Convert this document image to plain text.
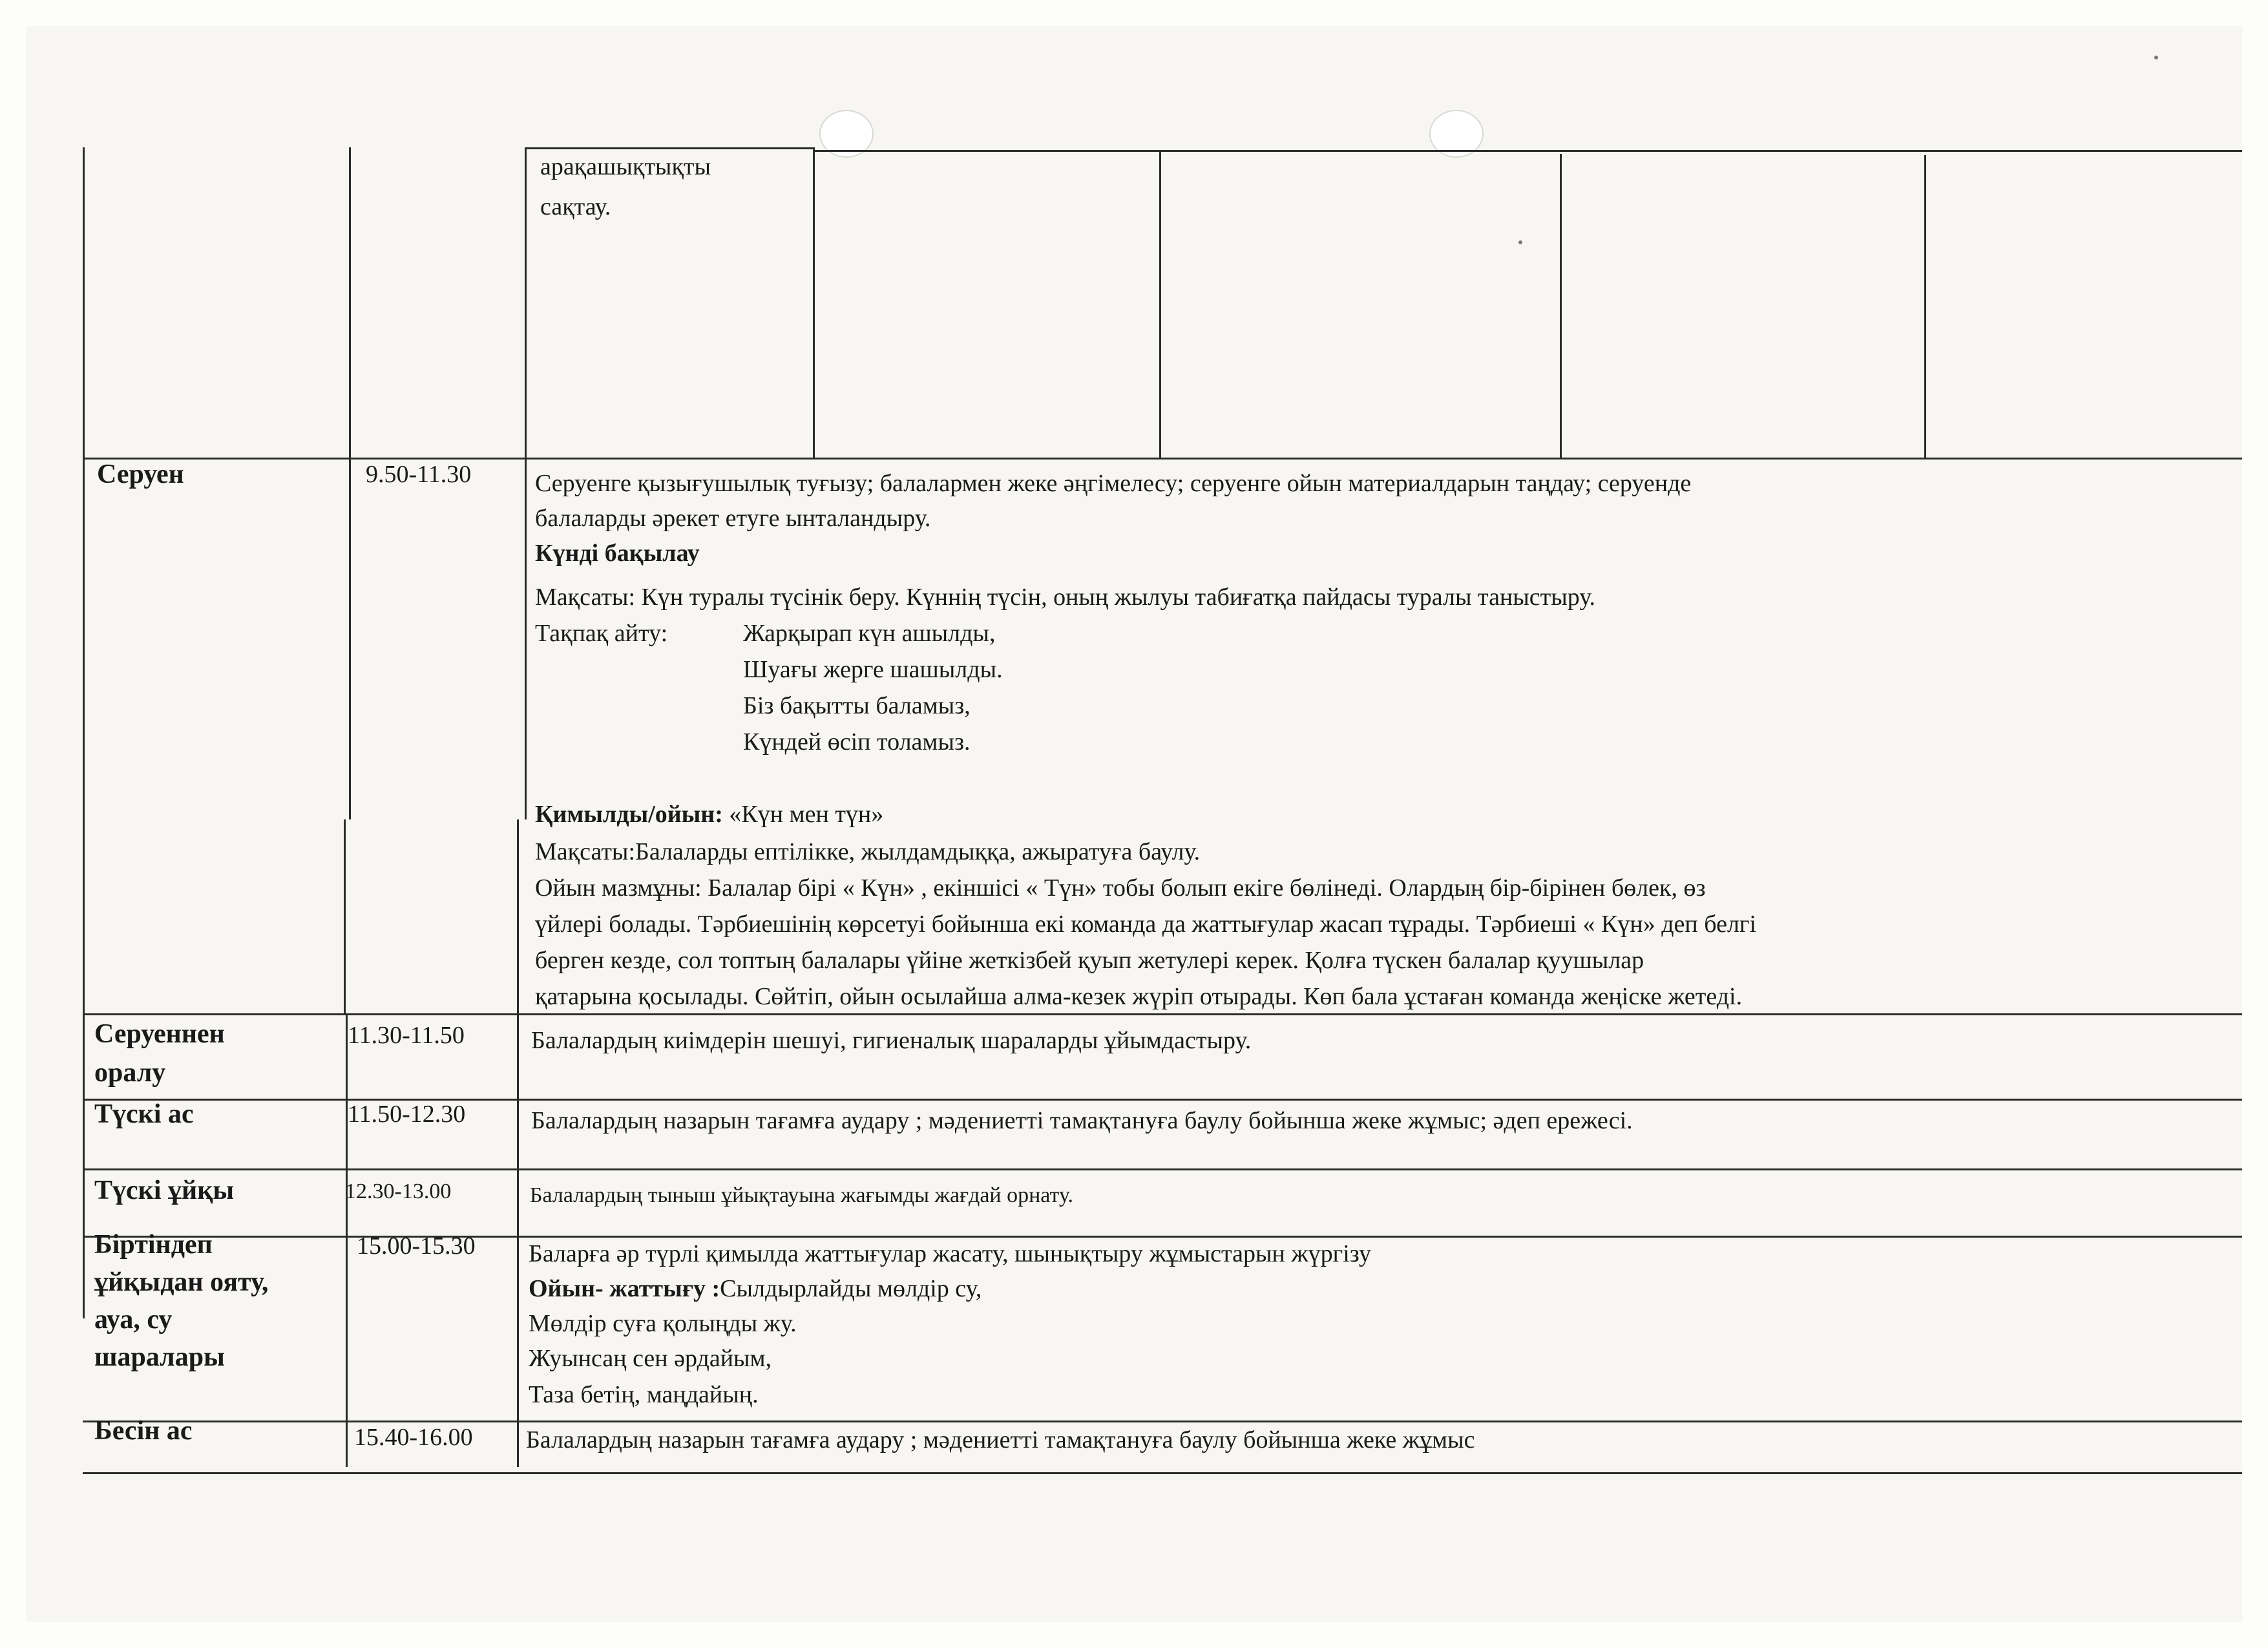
арақашықтықты
сақтау.
Серуен	9.50-11.30	Серуенге қызығушылық туғызу; балалармен жеке әңгімелесу; серуенге ойын материалдарын таңдау; серуенде
балаларды әрекет етуге ынталандыру.
Күнді бақылау
Мақсаты: Күн туралы түсінік беру. Күннің түсін, оның жылуы табиғатқа пайдасы туралы таныстыру.
Тақпақ айту:	Жарқырап күн ашылды,
Шуағы жерге шашылды.
Біз бақытты баламыз,
Күндей өсіп толамыз.
Қимылды/ойын: «Күн мен түн»
Мақсаты:Балаларды ептілікке, жылдамдыққа, ажыратуға баулу.
Ойын мазмұны: Балалар бірі « Күн» , екіншісі « Түн» тобы болып екіге бөлінеді. Олардың бір-бірінен бөлек, өз
үйлері болады. Тәрбиешінің көрсетуі бойынша екі команда да жаттығулар жасап тұрады. Тәрбиеші « Күн» деп белгі
берген кезде, сол топтың балалары үйіне жеткізбей қуып жетулері керек. Қолға түскен балалар қуушылар
қатарына қосылады. Сөйтіп, ойын осылайша алма-кезек жүріп отырады. Көп бала ұстаған команда жеңіске жетеді.
Серуеннен
оралу
11.30-11.50	Балалардың киімдерін шешуі, гигиеналық шараларды ұйымдастыру.
Түскі ас	11.50-12.30	Балалардың назарын тағамға аудару ; мәдениетті тамақтануға баулу бойынша жеке жұмыс; әдеп ережесі.
Түскі ұйқы	12.30-13.00	Балалардың тыныш ұйықтауына жағымды жағдай орнату.
Біртіндеп
ұйқыдан ояту,
ауа, су
шаралары
15.00-15.30 Баларға әр түрлі қимылда жаттығулар жасату, шынықтыру жұмыстарын жүргізу
Ойын- жаттығу :Сылдырлайды мөлдір су,
Мөлдір суға қолыңды жу.
Жуынсаң сен әрдайым,
Таза бетің, маңдайың.
Бесін ас	15.40-16.00 Балалардың назарын тағамға аудару ; мәдениетті тамақтануға баулу бойынша жеке жұмыс
